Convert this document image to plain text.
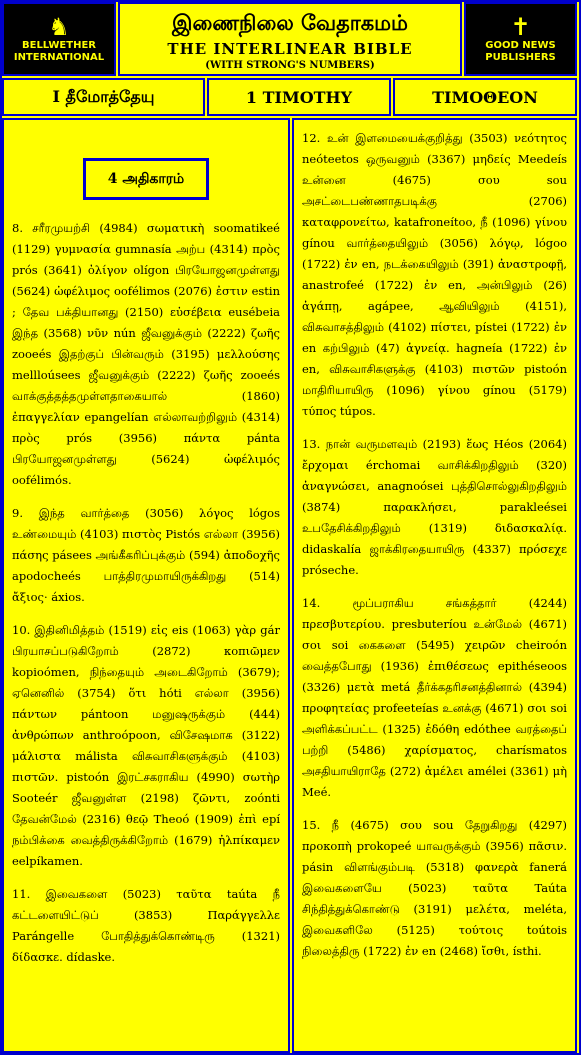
♞
BELLWETHER
INTERNATIONAL
இணைநிலை வேதாகமம்
THE INTERLINEAR BIBLE
(WITH STRONG'S NUMBERS)
✝
GOOD NEWS
PUBLISHERS
I தீமோத்தேயு	1 TIMOTHY	TIMOΘEON
4 அதிகாரம்

8. சரீரமுயற்சி (4984) σωματικὴ soomatikeé (1129) γυμνασία gumnasía அற்ப (4314) πρὸς prós (3641) ὀλίγον olígon பிரயோஜனமுள்ளது (5624) ὠφέλιμος oofélimos (2076) ἐστιν estin ; தேவ பக்தியானது (2150) εὐσέβεια eusébeia இந்த (3568) νῦν nún ஜீவனுக்கும் (2222) ζωῆς zooeés இதற்குப் பின்வரும் (3195) μελλούσης mellloúsees ஜீவனுக்கும் (2222) ζωῆς zooeés வாக்குத்தத்தமுள்ளதாகையால் (1860) ἐπαγγελίαν epangelían எல்லாவற்றிலும் (4314) πρὸς prós (3956) πάντα pánta பிரயோஜனமுள்ளது (5624) ὠφέλιμός oofélimós.

9. இந்த வார்த்தை (3056) λόγος lógos உண்மையும் (4103) πιστὸς Pistós எல்லா (3956) πάσης pásees அங்கீகரிப்புக்கும் (594) ἀποδοχῆς apodocheés பாத்திரமுமாயிருக்கிறது (514) ἄξιος· áxios.

10. இதினிமித்தம் (1519) εἰς eis (1063) γὰρ gár பிரயாசப்படுகிறோம் (2872) κοπιῶμεν kopioómen, நிந்தையும் அடைகிறோம் (3679); ஏனெனில் (3754) ὅτι hóti எல்லா (3956) πάντων pántoon மனுஷருக்கும் (444) ἀνθρώπων anthroópoon, விசேஷமாக (3122) μάλιστα málista விசுவாசிகளுக்கும் (4103) πιστῶν. pistoón இரட்சகராகிய (4990) σωτὴρ Sooteér ஜீவனுள்ள (2198) ζῶντι, zoónti தேவன்மேல் (2316) θεῷ Theoó (1909) ἐπὶ epí நம்பிக்கை வைத்திருக்கிறோம் (1679) ἠλπίκαμεν eelpíkamen.

11. இவைகளை (5023) ταῦτα taúta நீ கட்டளையிட்டுப் (3853) Παράγγελλε Parángelle போதித்துக்கொண்டிரு (1321) δίδασκε. dídaske.

12. உன் இளமையைக்குறித்து (3503) νεότητος neóteetos ஒருவனும் (3367) μηδείς Meedeís உன்னை (4675) σου sou அசட்டைபண்ணாதபடிக்கு (2706) καταφρονείτω, katafroneítoo, நீ (1096) γίνου gínou வார்த்தையிலும் (3056) λόγῳ, lógoo (1722) ἐν en, நடக்கையிலும் (391) ἀναστροφῇ, anastrofeé (1722) ἐν en, அன்பிலும் (26) ἀγάπῃ, agápee, ஆவியிலும் (4151), விசுவாசத்திலும் (4102) πίστει, pístei (1722) ἐν en கற்பிலும் (47) ἁγνείᾳ. hagneía (1722) ἐν en, விசுவாசிகளுக்கு (4103) πιστῶν pistoón மாதிரியாயிரு (1096) γίνου gínou (5179) τύπος túpos.

13. நான் வருமளவும் (2193) ἕως Héos (2064) ἔρχομαι érchomai வாசிக்கிறதிலும் (320) ἀναγνώσει, anagnoósei புத்திசொல்லுகிறதிலும் (3874) παρακλήσει, parakleései உபதேசிக்கிறதிலும் (1319) διδασκαλίᾳ. didaskalía ஜாக்கிரதையாயிரு (4337) πρόσεχε próseche.

14. மூப்பராகிய சங்கத்தார் (4244) πρεσβυτερίου. presbuteríou உன்மேல் (4671) σοι soi கைகளை (5495) χειρῶν cheiroón வைத்தபோது (1936) ἐπιθέσεως epithéseoos (3326) μετὰ metá தீர்க்கதரிசனத்தினால் (4394) προφητείας profeeteías உனக்கு (4671) σοι soi அளிக்கப்பட்ட (1325) ἐδόθη edóthee வரத்தைப் பற்றி (5486) χαρίσματος, charísmatos அசதியாயிராதே (272) ἀμέλει amélei (3361) μὴ Meé.

15. நீ (4675) σου sou தேறுகிறது (4297) προκοπὴ prokopeé யாவருக்கும் (3956) πᾶσιν. pásin விளங்கும்படி (5318) φανερὰ fanerá இவைகளையே (5023) ταῦτα Taúta சிந்தித்துக்கொண்டு (3191) μελέτα, meléta, இவைகளிலே (5125) τούτοις toútois நிலைத்திரு (1722) ἐν en (2468) ἴσθι, ísthi.
